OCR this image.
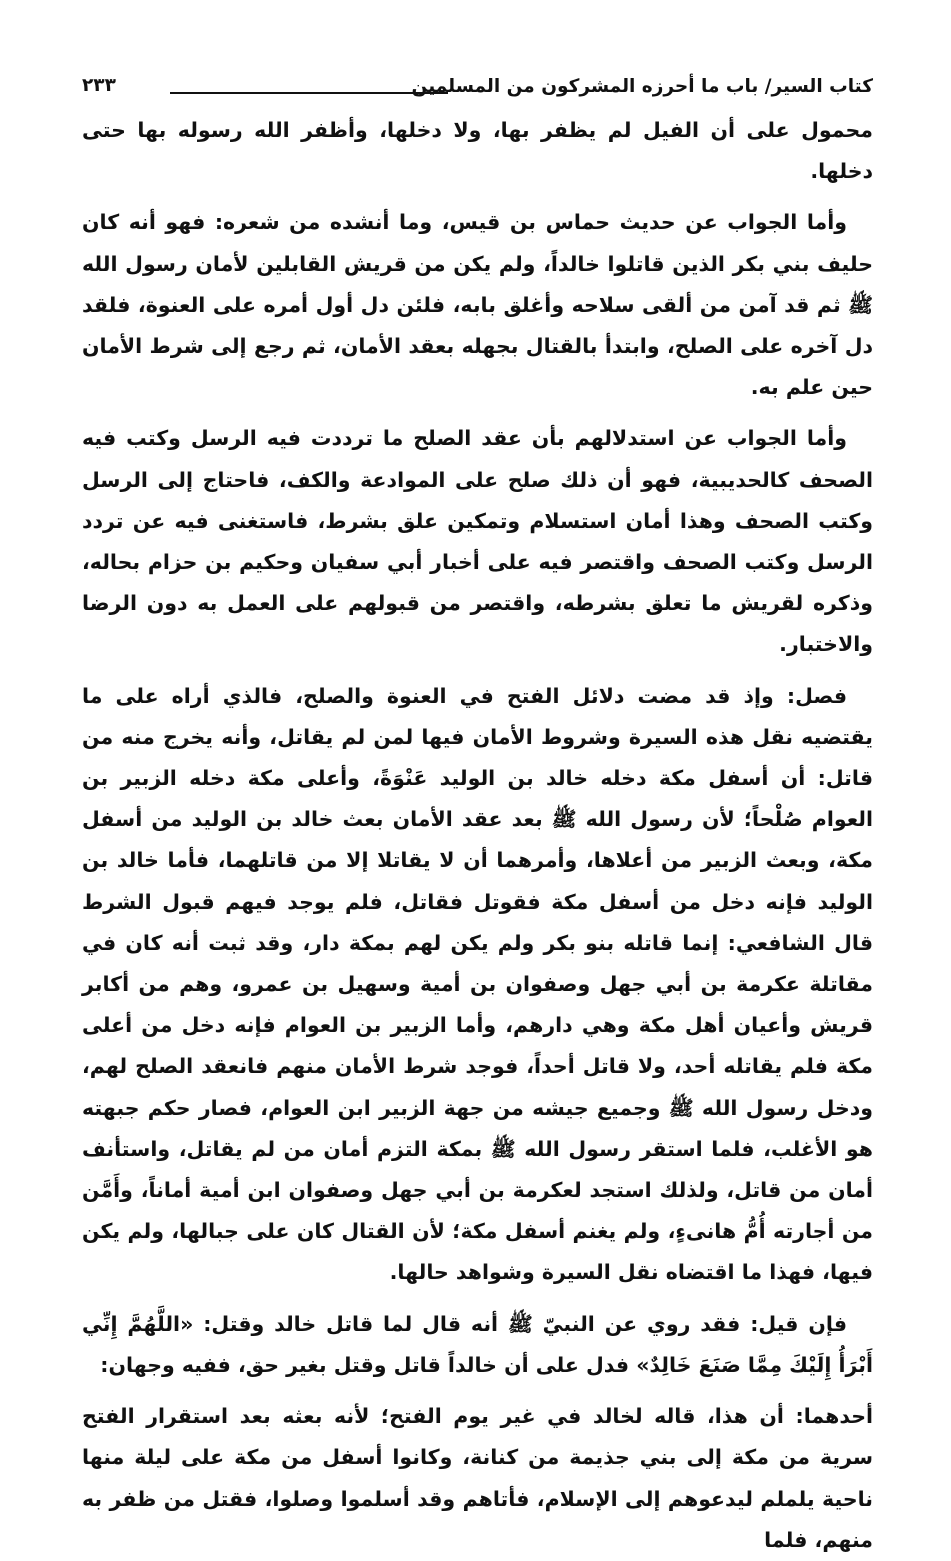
كتاب السير/ باب ما أحرزه المشركون من المسلمين
٢٣٣

محمول على أن الفيل لم يظفر بها، ولا دخلها، وأظفر الله رسوله بها حتى دخلها.

وأما الجواب عن حديث حماس بن قيس، وما أنشده من شعره: فهو أنه كان حليف بني بكر الذين قاتلوا خالداً، ولم يكن من قريش القابلين لأمان رسول الله ﷺ ثم قد آمن من ألقى سلاحه وأغلق بابه، فلئن دل أول أمره على العنوة، فلقد دل آخره على الصلح، وابتدأ بالقتال بجهله بعقد الأمان، ثم رجع إلى شرط الأمان حين علم به.

وأما الجواب عن استدلالهم بأن عقد الصلح ما ترددت فيه الرسل وكتب فيه الصحف كالحديبية، فهو أن ذلك صلح على الموادعة والكف، فاحتاج إلى الرسل وكتب الصحف وهذا أمان استسلام وتمكين علق بشرط، فاستغنى فيه عن تردد الرسل وكتب الصحف واقتصر فيه على أخبار أبي سفيان وحكيم بن حزام بحاله، وذكره لقريش ما تعلق بشرطه، واقتصر من قبولهم على العمل به دون الرضا والاختبار.

فصل: وإذ قد مضت دلائل الفتح في العنوة والصلح، فالذي أراه على ما يقتضيه نقل هذه السيرة وشروط الأمان فيها لمن لم يقاتل، وأنه يخرج منه من قاتل: أن أسفل مكة دخله خالد بن الوليد عَنْوَةً، وأعلى مكة دخله الزبير بن العوام صُلْحاً؛ لأن رسول الله ﷺ بعد عقد الأمان بعث خالد بن الوليد من أسفل مكة، وبعث الزبير من أعلاها، وأمرهما أن لا يقاتلا إلا من قاتلهما، فأما خالد بن الوليد فإنه دخل من أسفل مكة فقوتل فقاتل، فلم يوجد فيهم قبول الشرط قال الشافعي: إنما قاتله بنو بكر ولم يكن لهم بمكة دار، وقد ثبت أنه كان في مقاتلة عكرمة بن أبي جهل وصفوان بن أمية وسهيل بن عمرو، وهم من أكابر قريش وأعيان أهل مكة وهي دارهم، وأما الزبير بن العوام فإنه دخل من أعلى مكة فلم يقاتله أحد، ولا قاتل أحداً، فوجد شرط الأمان منهم فانعقد الصلح لهم، ودخل رسول الله ﷺ وجميع جيشه من جهة الزبير ابن العوام، فصار حكم جبهته هو الأغلب، فلما استقر رسول الله ﷺ بمكة التزم أمان من لم يقاتل، واستأنف أمان من قاتل، ولذلك استجد لعكرمة بن أبي جهل وصفوان ابن أمية أماناً، وأَمَّن من أجارته أُمُّ هانىءٍ، ولم يغنم أسفل مكة؛ لأن القتال كان على جبالها، ولم يكن فيها، فهذا ما اقتضاه نقل السيرة وشواهد حالها.

فإن قيل: فقد روي عن النبيّ ﷺ أنه قال لما قاتل خالد وقتل: «اللَّهُمَّ إِنِّي أَبْرَأُ إِلَيْكَ مِمَّا صَنَعَ خَالِدٌ» فدل على أن خالداً قاتل وقتل بغير حق، ففيه وجهان:

أحدهما: أن هذا، قاله لخالد في غير يوم الفتح؛ لأنه بعثه بعد استقرار الفتح سرية من مكة إلى بني جذيمة من كنانة، وكانوا أسفل من مكة على ليلة منها ناحية يلملم ليدعوهم إلى الإسلام، فأتاهم وقد أسلموا وصلوا، فقتل من ظفر به منهم، فلما
